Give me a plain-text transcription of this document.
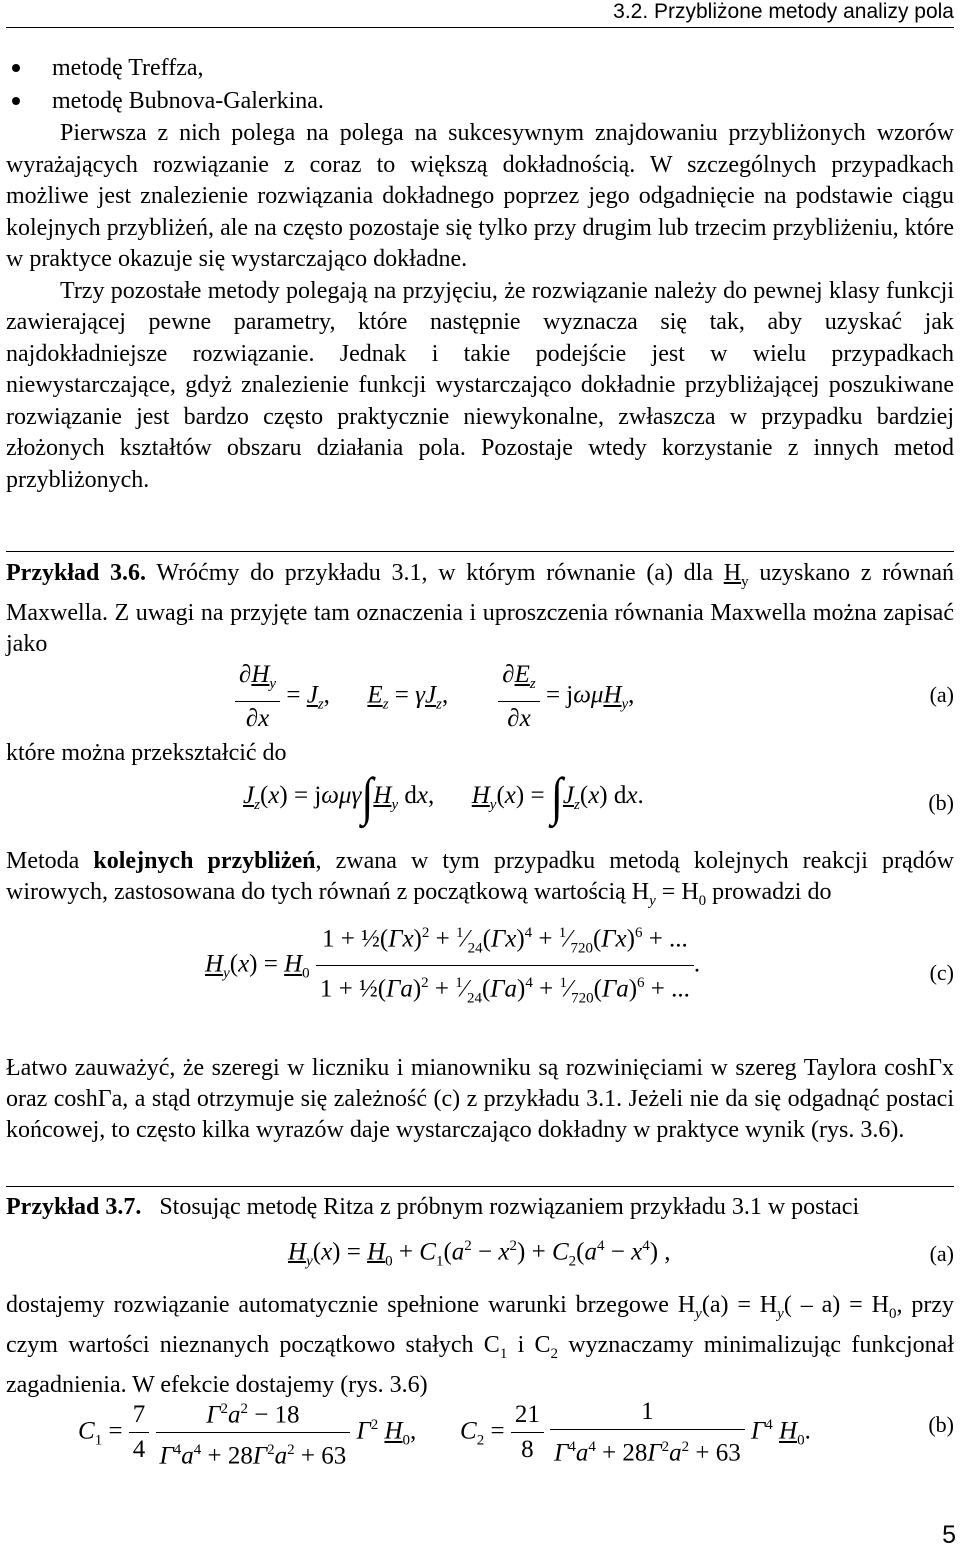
3.2. Przybliżone metody analizy pola
metodę Treffza,
metodę Bubnova-Galerkina.

Pierwsza z nich polega na polega na sukcesywnym znajdowaniu przybliżonych wzorów wyrażających rozwiązanie z coraz to większą dokładnością. W szczególnych przypadkach możliwe jest znalezienie rozwiązania dokładnego poprzez jego odgadnięcie na podstawie ciągu kolejnych przybliżeń, ale na często pozostaje się tylko przy drugim lub trzecim przybliżeniu, które w praktyce okazuje się wystarczająco dokładne.

Trzy pozostałe metody polegają na przyjęciu, że rozwiązanie należy do pewnej klasy funkcji zawierającej pewne parametry, które następnie wyznacza się tak, aby uzyskać jak najdokładniejsze rozwiązanie. Jednak i takie podejście jest w wielu przypadkach niewystarczające, gdyż znalezienie funkcji wystarczająco dokładnie przybliżającej poszukiwane rozwiązanie jest bardzo często praktycznie niewykonalne, zwłaszcza w przypadku bardziej złożonych kształtów obszaru działania pola. Pozostaje wtedy korzystanie z innych metod przybliżonych.

Przykład 3.6. Wróćmy do przykładu 3.1, w którym równanie (a) dla $H_y$ uzyskano z równań Maxwella. Z uwagi na przyjęte tam oznaczenia i uproszczenia równania Maxwella można zapisać jako

$\frac{\partial H_y}{\partial x} = J_z$,      $E_z = \gamma J_z$, $\frac{\partial E_z}{\partial x} = j\omega\mu H_y$,	(a)
które można przekształcić do
$J_z(x) = j\omega\mu\gamma\int H_y$ dx,      $H_y(x) = \int J_z(x)$ dx.	(b)

Metoda kolejnych przybliżeń, zwana w tym przypadku metodą kolejnych reakcji prądów wirowych, zastosowana do tych równań z początkową wartością $H_y = H_0$ prowadzi do

$H_y(x) = H_0 \frac{1 + \frac{1}{2}(\Gamma x)^2 + ^1⁄_{24}(\Gamma x)^4 + ^1⁄_{720}(\Gamma x)^6 + ...}{1 + \frac{1}{2}(\Gamma a)^2 + ^1⁄_{24}(\Gamma a)^4 + ^1⁄_{720}(\Gamma a)^6 + ...}$ .	(c)

Łatwo zauważyć, że szeregi w liczniku i mianowniku są rozwinięciami w szereg Taylora coshΓx oraz coshΓa, a stąd otrzymuje się zależność (c) z przykładu 3.1. Jeżeli nie da się odgadnąć postaci końcowej, to często kilka wyrazów daje wystarczająco dokładny w praktyce wynik (rys. 3.6).

Przykład 3.7. Stosując metodę Ritza z próbnym rozwiązaniem przykładu 3.1 w postaci

$H_y(x) = H_0 + C_1(a^2 - x^2) + C_2(a^4 - x^4)$ ,	(a)

dostajemy rozwiązanie automatycznie spełnione warunki brzegowe $H_y(a) = H_y( - a) = H_0$, przy czym wartości nieznanych początkowo stałych $C_1$ i $C_2$ wyznaczamy minimalizując funkcjonał zagadnienia. W efekcie dostajemy (rys. 3.6)

$C_1 = \frac{7}{4}$
$\frac{\Gamma^2a^2 - 18}{\Gamma^4a^4 + 28\Gamma^2a^2 + 63} \Gamma^2$ $H_0$,       $C_2 = \frac{21}{8}$
$\frac{1}{\Gamma^4a^4 + 28\Gamma^2a^2 + 63} \Gamma^4$ $H_0$.	(b)
5
